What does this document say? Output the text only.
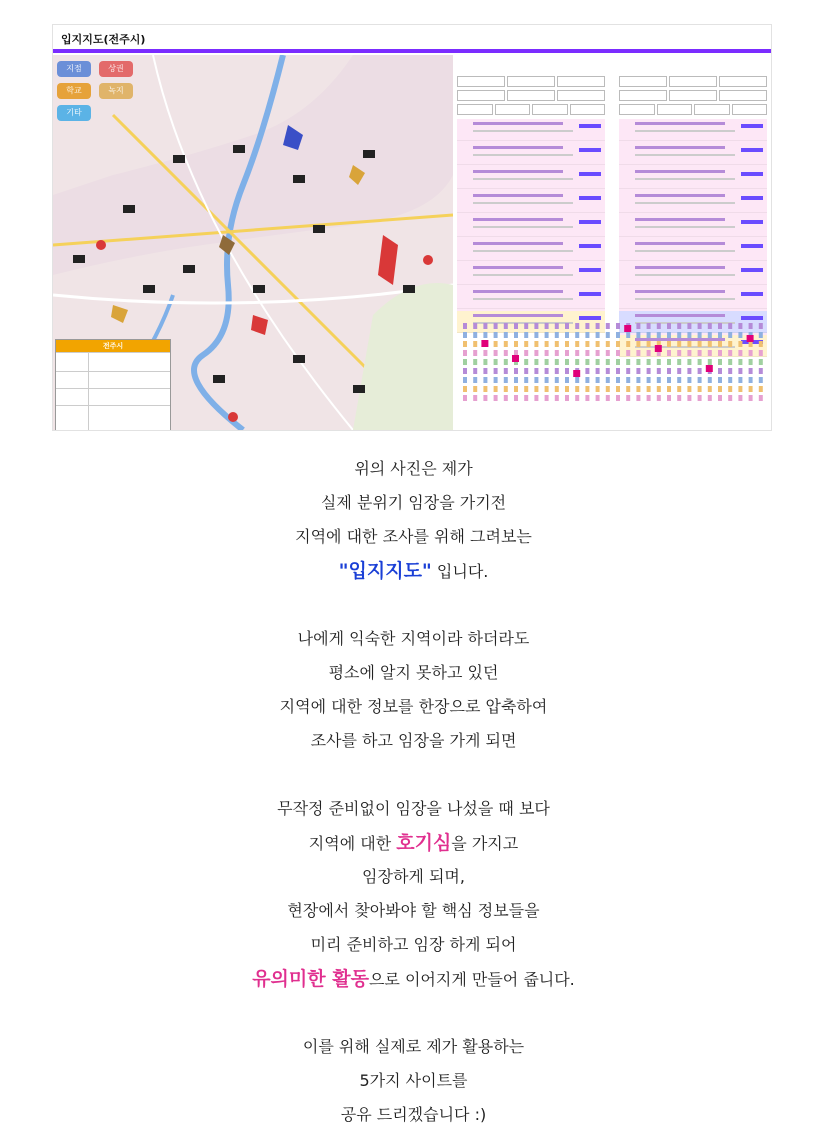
입지지도(전주시)
지점	상권
학교	녹지
기타
전주시
위의 사진은 제가
실제 분위기 임장을 가기전
지역에 대한 조사를 위해 그려보는
"입지지도" 입니다.
나에게 익숙한 지역이라 하더라도
평소에 알지 못하고 있던
지역에 대한 정보를 한장으로 압축하여
조사를 하고 임장을 가게 되면
무작정 준비없이 임장을 나섰을 때 보다
지역에 대한 호기심을 가지고
임장하게 되며,
현장에서 찾아봐야 할 핵심 정보들을
미리 준비하고 임장 하게 되어
유의미한 활동으로 이어지게 만들어 줍니다.
이를 위해 실제로 제가 활용하는
5가지 사이트를
공유 드리겠습니다 :)
